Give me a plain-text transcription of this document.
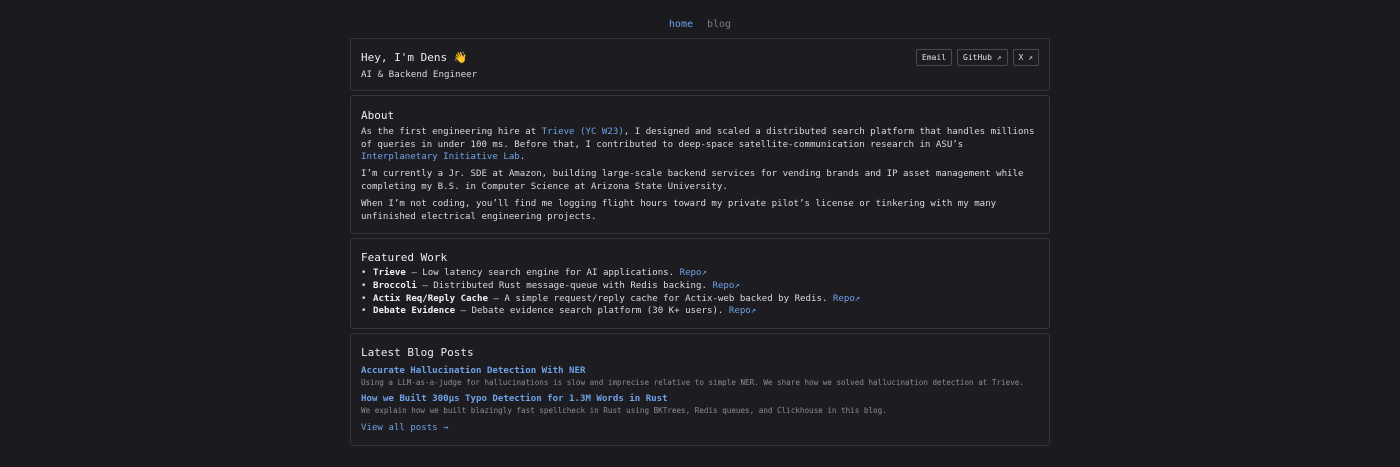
home blog
Hey, I'm Dens 👋
AI & Backend Engineer
Email	GitHub ↗	X ↗
About

As the first engineering hire at Trieve (YC W23), I designed and scaled a distributed search platform that handles millions of queries in under 100 ms. Before that, I contributed to deep-space satellite-communication research in ASU’s Interplanetary Initiative Lab.

I’m currently a Jr. SDE at Amazon, building large-scale backend services for vending brands and IP asset management while completing my B.S. in Computer Science at Arizona State University.

When I’m not coding, you’ll find me logging flight hours toward my private pilot’s license or tinkering with my many unfinished electrical engineering projects.

Featured Work
• Trieve — Low latency search engine for AI applications. Repo↗
• Broccoli — Distributed Rust message-queue with Redis backing. Repo↗
• Actix Req/Reply Cache — A simple request/reply cache for Actix-web backed by Redis. Repo↗
• Debate Evidence — Debate evidence search platform (30 K+ users). Repo↗
Latest Blog Posts
Accurate Hallucination Detection With NER
Using a LLM-as-a-judge for hallucinations is slow and imprecise relative to simple NER. We share how we solved hallucination detection at Trieve.
How we Built 300μs Typo Detection for 1.3M Words in Rust
We explain how we built blazingly fast spellcheck in Rust using BKTrees, Redis queues, and Clickhouse in this blog.
View all posts →
